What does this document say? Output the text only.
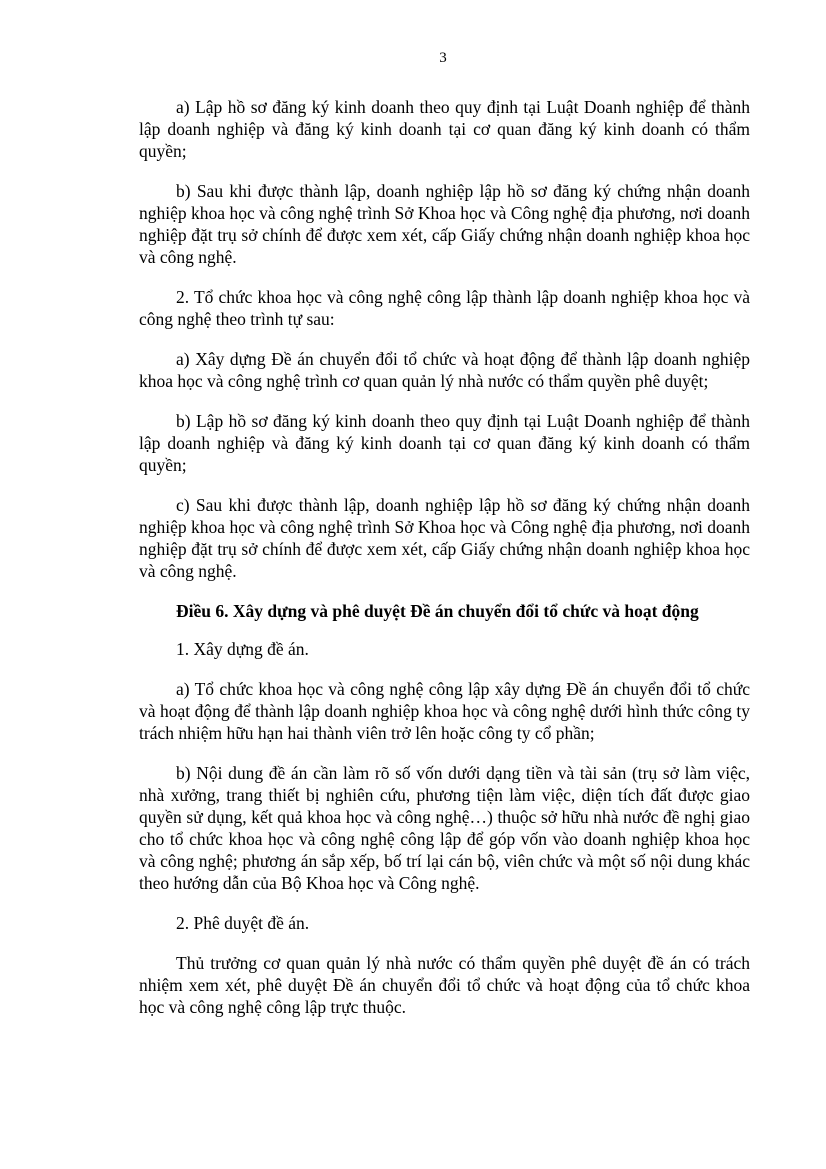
3

a) Lập hồ sơ đăng ký kinh doanh theo quy định tại Luật Doanh nghiệp để thành lập doanh nghiệp và đăng ký kinh doanh tại cơ quan đăng ký kinh doanh có thẩm quyền;

b) Sau khi được thành lập, doanh nghiệp lập hồ sơ đăng ký chứng nhận doanh nghiệp khoa học và công nghệ trình Sở Khoa học và Công nghệ địa phương, nơi doanh nghiệp đặt trụ sở chính để được xem xét, cấp Giấy chứng nhận doanh nghiệp khoa học và công nghệ.

2. Tổ chức khoa học và công nghệ công lập thành lập doanh nghiệp khoa học và công nghệ theo trình tự sau:

a) Xây dựng Đề án chuyển đổi tổ chức và hoạt động để thành lập doanh nghiệp khoa học và công nghệ trình cơ quan quản lý nhà nước có thẩm quyền phê duyệt;

b) Lập hồ sơ đăng ký kinh doanh theo quy định tại Luật Doanh nghiệp để thành lập doanh nghiệp và đăng ký kinh doanh tại cơ quan đăng ký kinh doanh có thẩm quyền;

c) Sau khi được thành lập, doanh nghiệp lập hồ sơ đăng ký chứng nhận doanh nghiệp khoa học và công nghệ trình Sở Khoa học và Công nghệ địa phương, nơi doanh nghiệp đặt trụ sở chính để được xem xét, cấp Giấy chứng nhận doanh nghiệp khoa học và công nghệ.

Điều 6. Xây dựng và phê duyệt Đề án chuyển đổi tổ chức và hoạt động

1. Xây dựng đề án.

a) Tổ chức khoa học và công nghệ công lập xây dựng Đề án chuyển đổi tổ chức và hoạt động để thành lập doanh nghiệp khoa học và công nghệ dưới hình thức công ty trách nhiệm hữu hạn hai thành viên trở lên hoặc công ty cổ phần;

b) Nội dung đề án cần làm rõ số vốn dưới dạng tiền và tài sản (trụ sở làm việc, nhà xưởng, trang thiết bị nghiên cứu, phương tiện làm việc, diện tích đất được giao quyền sử dụng, kết quả khoa học và công nghệ…) thuộc sở hữu nhà nước đề nghị giao cho tổ chức khoa học và công nghệ công lập để góp vốn vào doanh nghiệp khoa học và công nghệ; phương án sắp xếp, bố trí lại cán bộ, viên chức và một số nội dung khác theo hướng dẫn của Bộ Khoa học và Công nghệ.

2. Phê duyệt đề án.

Thủ trưởng cơ quan quản lý nhà nước có thẩm quyền phê duyệt đề án có trách nhiệm xem xét, phê duyệt Đề án chuyển đổi tổ chức và hoạt động của tổ chức khoa học và công nghệ công lập trực thuộc.
